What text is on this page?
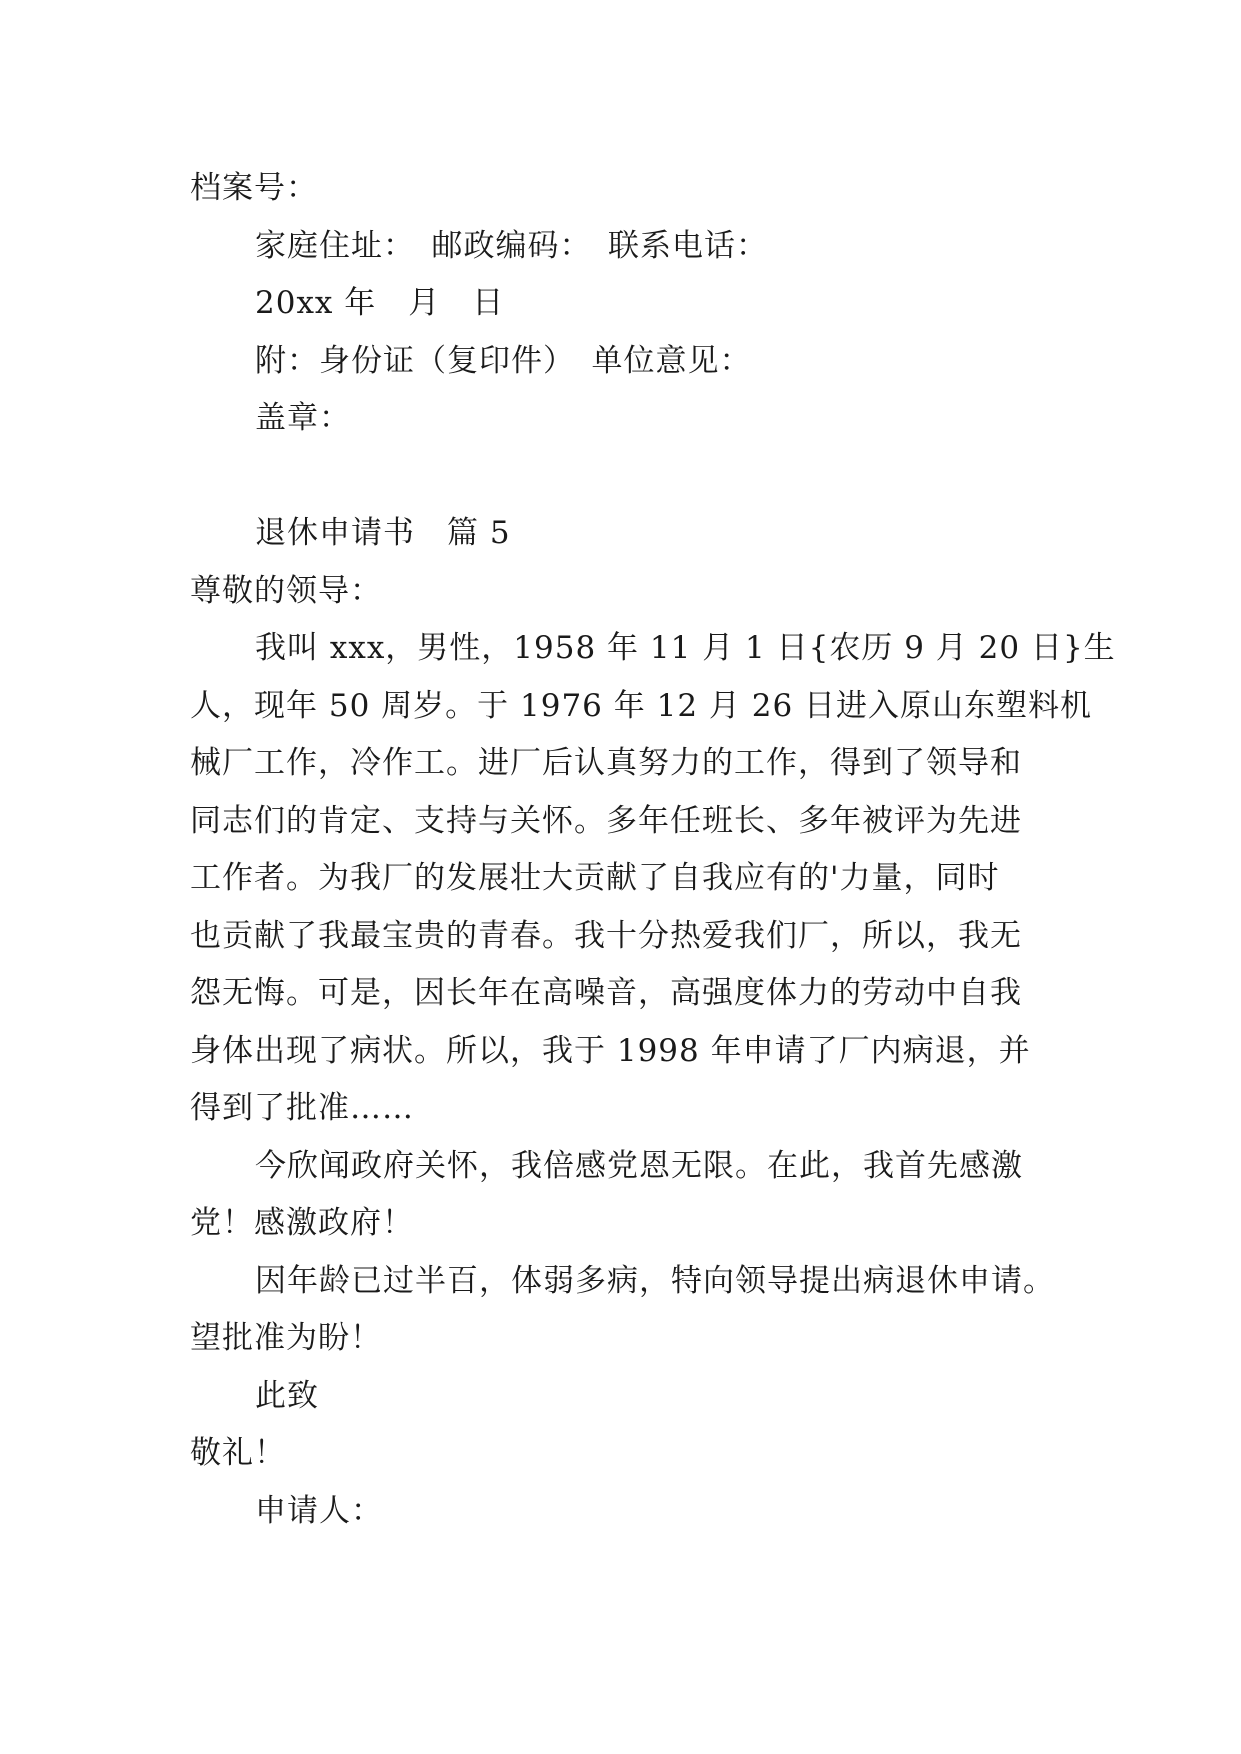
档案号：
家庭住址：　邮政编码：　联系电话：
20xx 年　月　日
附：身份证（复印件）　单位意见：
盖章：
退休申请书　篇 5
尊敬的领导：
我叫 xxx，男性，1958 年 11 月 1 日{农历 9 月 20 日}生
人，现年 50 周岁。于 1976 年 12 月 26 日进入原山东塑料机
械厂工作，冷作工。进厂后认真努力的工作，得到了领导和
同志们的肯定、支持与关怀。多年任班长、多年被评为先进
工作者。为我厂的发展壮大贡献了自我应有的'力量，同时
也贡献了我最宝贵的青春。我十分热爱我们厂，所以，我无
怨无悔。可是，因长年在高噪音，高强度体力的劳动中自我
身体出现了病状。所以，我于 1998 年申请了厂内病退，并
得到了批准……
今欣闻政府关怀，我倍感党恩无限。在此，我首先感激
党！感激政府！
因年龄已过半百，体弱多病，特向领导提出病退休申请。
望批准为盼！
此致
敬礼！
申请人：
